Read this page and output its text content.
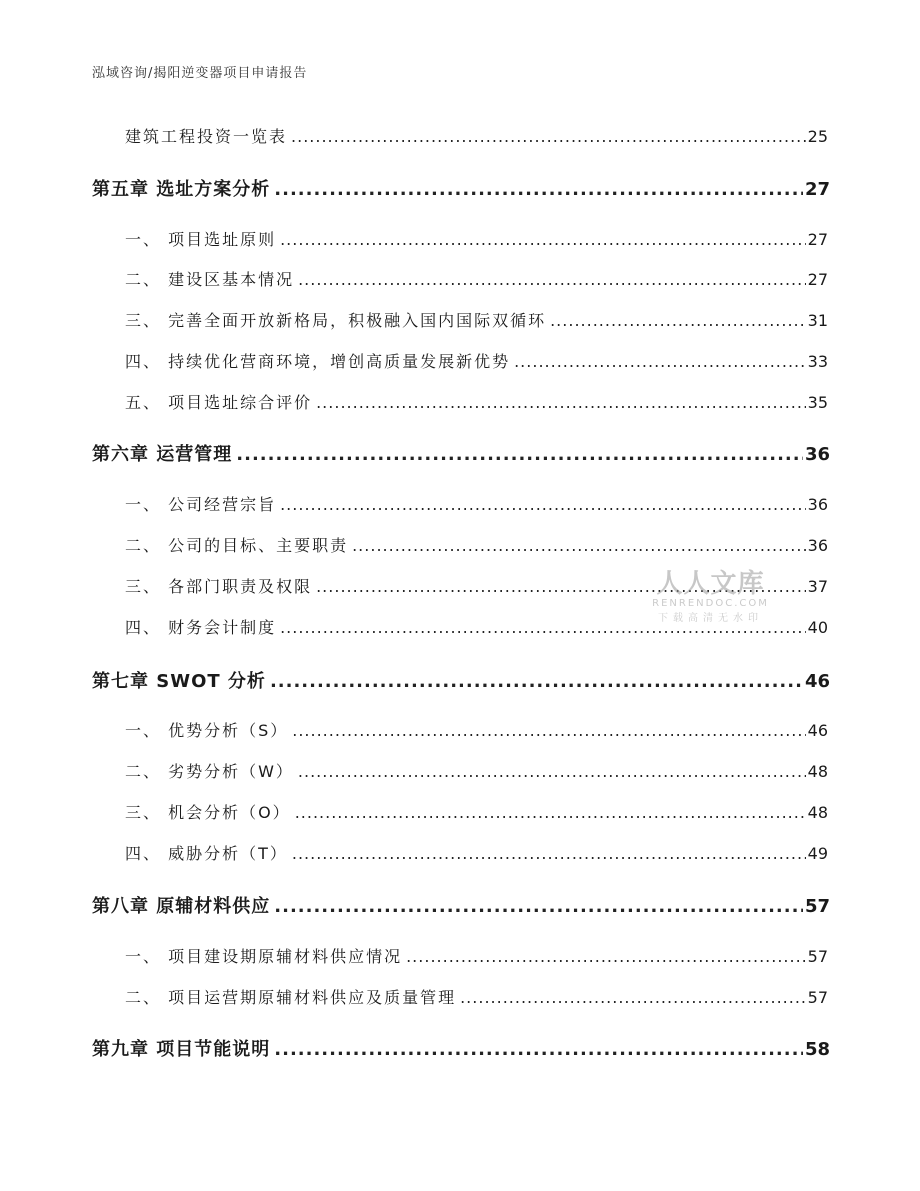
泓域咨询/揭阳逆变器项目申请报告
建筑工程投资一览表 .....	25
第五章 选址方案分析 .....	27
一、 项目选址原则 .....	27
二、 建设区基本情况 .....	27
三、 完善全面开放新格局，积极融入国内国际双循环 .....	31
四、 持续优化营商环境，增创高质量发展新优势 .....	33
五、 项目选址综合评价 .....	35
第六章 运营管理 .....	36
一、 公司经营宗旨 .....	36
二、 公司的目标、主要职责 .....	36
三、 各部门职责及权限 .....	37
四、 财务会计制度 .....	40
第七章 SWOT 分析 .....	46
一、 优势分析（S） .....	46
二、 劣势分析（W） .....	48
三、 机会分析（O） .....	48
四、 威胁分析（T） .....	49
第八章 原辅材料供应 .....	57
一、 项目建设期原辅材料供应情况 .....	57
二、 项目运营期原辅材料供应及质量管理 .....	57
第九章 项目节能说明 .....	58
人人文库
RENRENDOC.COM
下载高清无水印
